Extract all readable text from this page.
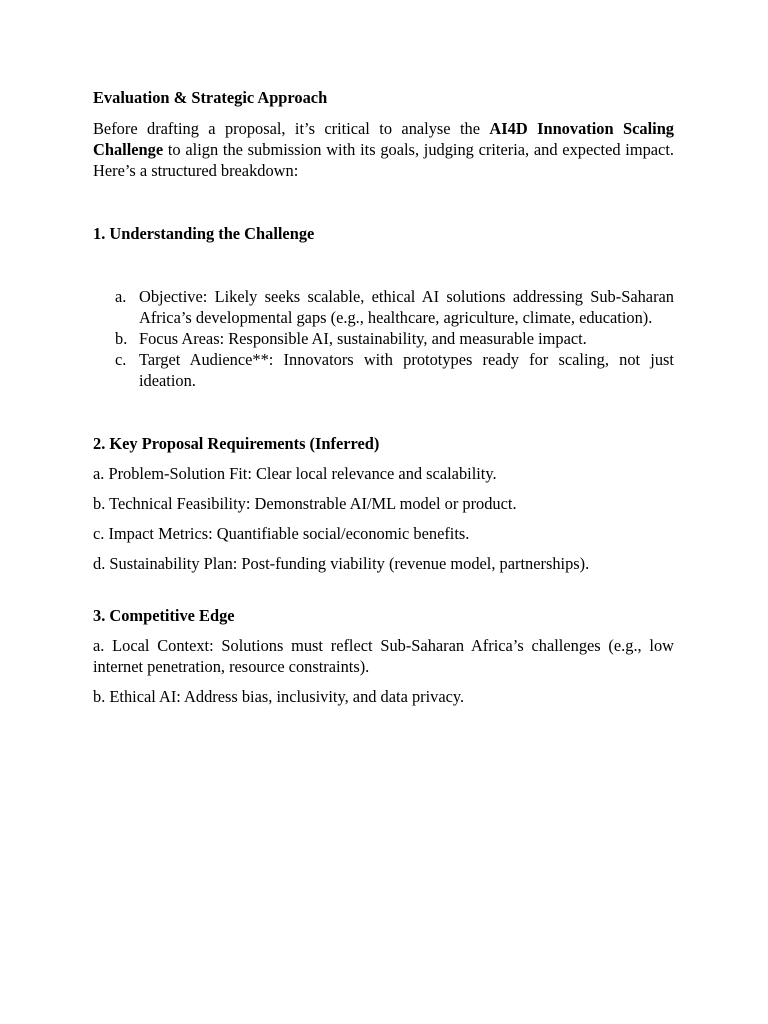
Evaluation & Strategic Approach

Before drafting a proposal, it’s critical to analyse the AI4D Innovation Scaling Challenge to align the submission with its goals, judging criteria, and expected impact. Here’s a structured breakdown:

1. Understanding the Challenge
a. Objective: Likely seeks scalable, ethical AI solutions addressing Sub-Saharan Africa’s developmental gaps (e.g., healthcare, agriculture, climate, education).
b. Focus Areas: Responsible AI, sustainability, and measurable impact.
c. Target Audience**: Innovators with prototypes ready for scaling, not just ideation.
2. Key Proposal Requirements (Inferred)

a. Problem-Solution Fit: Clear local relevance and scalability.

b. Technical Feasibility: Demonstrable AI/ML model or product.

c. Impact Metrics: Quantifiable social/economic benefits.

d. Sustainability Plan: Post-funding viability (revenue model, partnerships).

3. Competitive Edge

a. Local Context: Solutions must reflect Sub-Saharan Africa’s challenges (e.g., low internet penetration, resource constraints).

b. Ethical AI: Address bias, inclusivity, and data privacy.
